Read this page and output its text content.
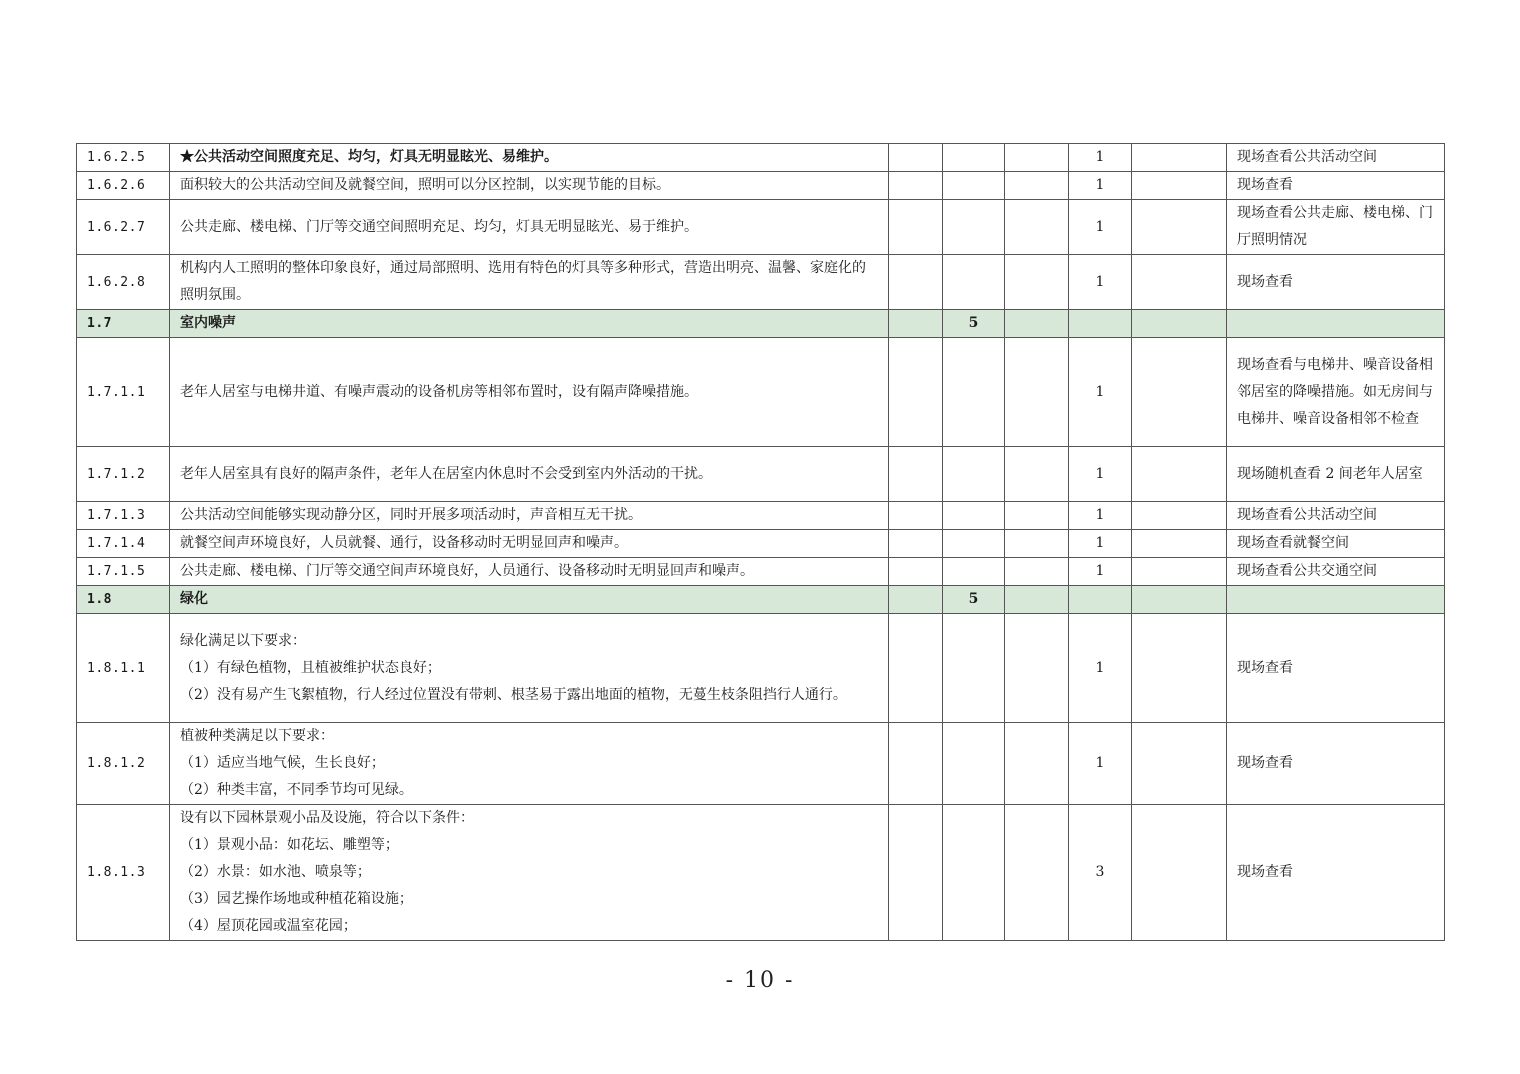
1.6.2.5	★公共活动空间照度充足、均匀，灯具无明显眩光、易维护。				1		现场查看公共活动空间
1.6.2.6	面积较大的公共活动空间及就餐空间，照明可以分区控制，以实现节能的目标。				1		现场查看
1.6.2.7	公共走廊、楼电梯、门厅等交通空间照明充足、均匀，灯具无明显眩光、易于维护。				1		现场查看公共走廊、楼电梯、门厅照明情况
1.6.2.8	机构内人工照明的整体印象良好，通过局部照明、选用有特色的灯具等多种形式，营造出明亮、温馨、家庭化的照明氛围。				1		现场查看
1.7	室内噪声		5				
1.7.1.1	老年人居室与电梯井道、有噪声震动的设备机房等相邻布置时，设有隔声降噪措施。				1		现场查看与电梯井、噪音设备相邻居室的降噪措施。如无房间与电梯井、噪音设备相邻不检查
1.7.1.2	老年人居室具有良好的隔声条件，老年人在居室内休息时不会受到室内外活动的干扰。				1		现场随机查看 2 间老年人居室
1.7.1.3	公共活动空间能够实现动静分区，同时开展多项活动时，声音相互无干扰。				1		现场查看公共活动空间
1.7.1.4	就餐空间声环境良好，人员就餐、通行，设备移动时无明显回声和噪声。				1		现场查看就餐空间
1.7.1.5	公共走廊、楼电梯、门厅等交通空间声环境良好，人员通行、设备移动时无明显回声和噪声。				1		现场查看公共交通空间
1.8	绿化		5				
1.8.1.1	绿化满足以下要求：
（1）有绿色植物，且植被维护状态良好；
（2）没有易产生飞絮植物，行人经过位置没有带刺、根茎易于露出地面的植物，无蔓生枝条阻挡行人通行。				1		现场查看
1.8.1.2	植被种类满足以下要求：
（1）适应当地气候，生长良好；
（2）种类丰富，不同季节均可见绿。				1		现场查看
1.8.1.3	设有以下园林景观小品及设施，符合以下条件：
（1）景观小品：如花坛、雕塑等；
（2）水景：如水池、喷泉等；
（3）园艺操作场地或种植花箱设施；
（4）屋顶花园或温室花园；				3		现场查看
- 10 -
